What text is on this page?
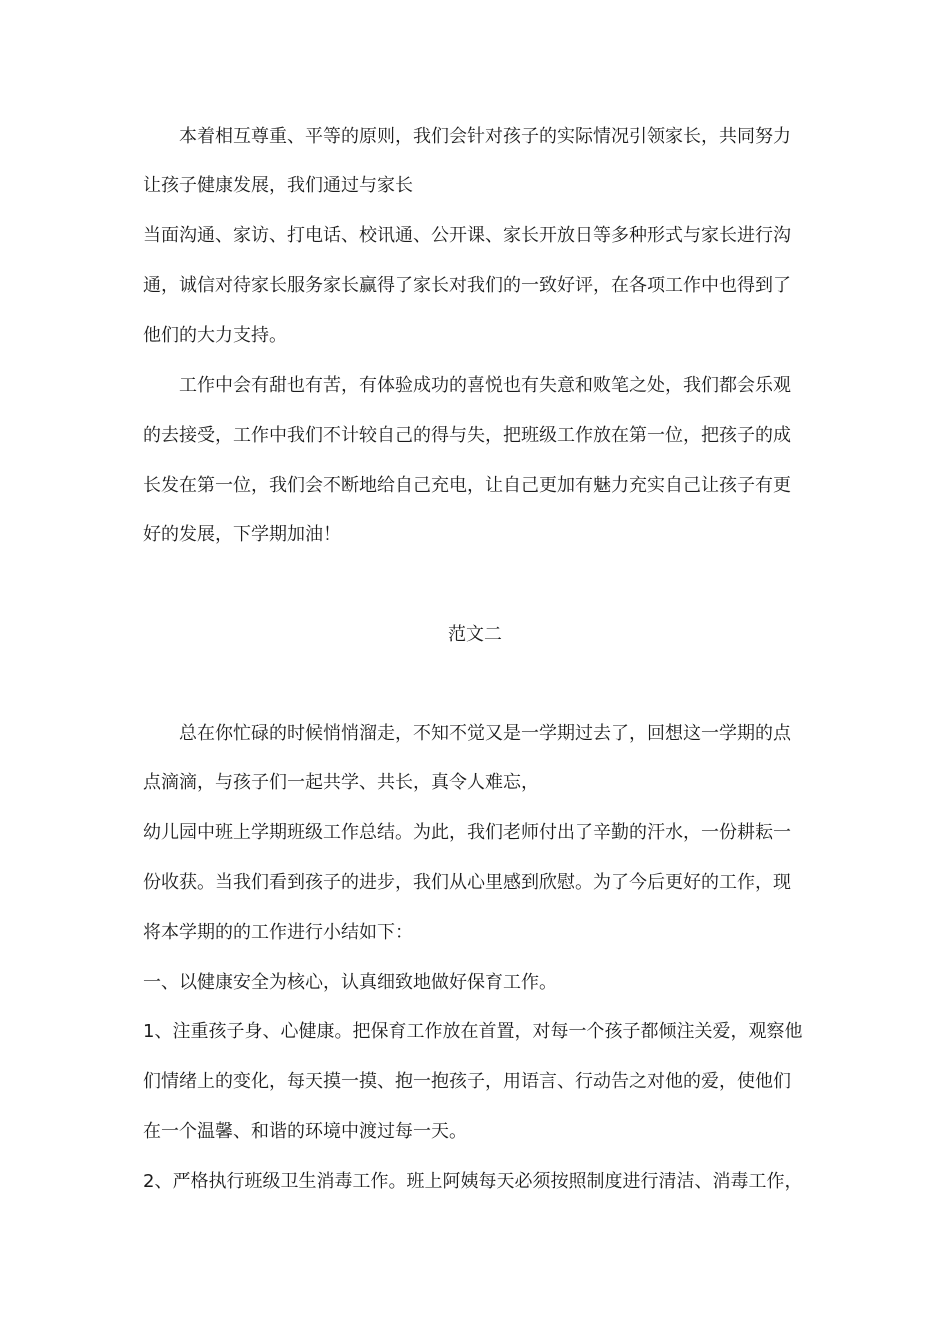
本着相互尊重、平等的原则，我们会针对孩子的实际情况引领家长，共同努力
让孩子健康发展，我们通过与家长
当面沟通、家访、打电话、校讯通、公开课、家长开放日等多种形式与家长进行沟
通，诚信对待家长服务家长赢得了家长对我们的一致好评，在各项工作中也得到了
他们的大力支持。
工作中会有甜也有苦，有体验成功的喜悦也有失意和败笔之处，我们都会乐观
的去接受，工作中我们不计较自己的得与失，把班级工作放在第一位，把孩子的成
长发在第一位，我们会不断地给自己充电，让自己更加有魅力充实自己让孩子有更
好的发展，下学期加油！
范文二
总在你忙碌的时候悄悄溜走，不知不觉又是一学期过去了，回想这一学期的点
点滴滴，与孩子们一起共学、共长，真令人难忘，
幼儿园中班上学期班级工作总结。为此，我们老师付出了辛勤的汗水，一份耕耘一
份收获。当我们看到孩子的进步，我们从心里感到欣慰。为了今后更好的工作，现
将本学期的的工作进行小结如下：
一、以健康安全为核心，认真细致地做好保育工作。
1、注重孩子身、心健康。把保育工作放在首置，对每一个孩子都倾注关爱，观察他
们情绪上的变化，每天摸一摸、抱一抱孩子，用语言、行动告之对他的爱，使他们
在一个温馨、和谐的环境中渡过每一天。
2、严格执行班级卫生消毒工作。班上阿姨每天必须按照制度进行清洁、消毒工作，
